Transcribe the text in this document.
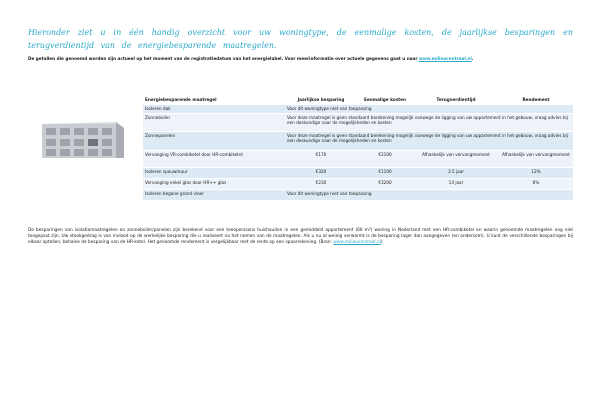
Hieronder ziet u in één handig overzicht voor uw woningtype, de eenmalige kosten, de jaarlijkse besparingen en terugverdientijd van de energiebesparende maatregelen.

De getallen die genoemd worden zijn actueel op het moment van de registratiedatum van het energielabel. Voor meerinformatie over actuele gegevens gaat u naar www.milieucentraal.nl.

Energiebesparende maatregel	Jaarlijkse besparing	Eenmalige kosten	Terugverdientijd	Rendement
Isoleren dak	Voor dit woningtype niet van toepassing			
Zonneboiler	Voor deze maatregel is geen standaard berekening mogelijk vanwege de ligging van uw appartement in het gebouw, vraag advies bij een deskundige naar de mogelijkheden en kosten			
Zonnepanelen	Voor deze maatregel is geen standaard berekening mogelijk vanwege de ligging van uw appartement in het gebouw, vraag advies bij een deskundige naar de mogelijkheden en kosten			
Vervanging VR-combiketel door HR-combiketel	€170	€2100	Afhankelijk van vervangmoment	Afhankelijk van vervangmoment
Isoleren spouwmuur	€320	€1100	3.5 jaar	12%
Vervanging enkel glas door HR++ glas	€230	€3200	14 jaar	6%
Isoleren begane grond vloer	Voor dit woningtype niet van toepassing			

De besparingen van isolatiemaatregelen en zonneboiler/panelen zijn berekend voor een teeoperssons huishouden in een gemiddeld appartement (66 m²) woning in Nederland met een HR-combiketel en waarin genoemde maatregelen nog niet toegepast zijn. Uw stookgedrag is van invloed op de werkelijke besparing die u realiseert na het nemen van de maatregelen. Als u nu al weinig verwarmt is de besparing lager dan aangegeven (en andersom). U kunt de verschillende besparingen bij elkaar optellen, behalve de besparing van de HR-ketel. Het genoemde rendement is vergelijkbaar met de rente op een spaarrekening. (Bron: www.milieucentraal.nl)
